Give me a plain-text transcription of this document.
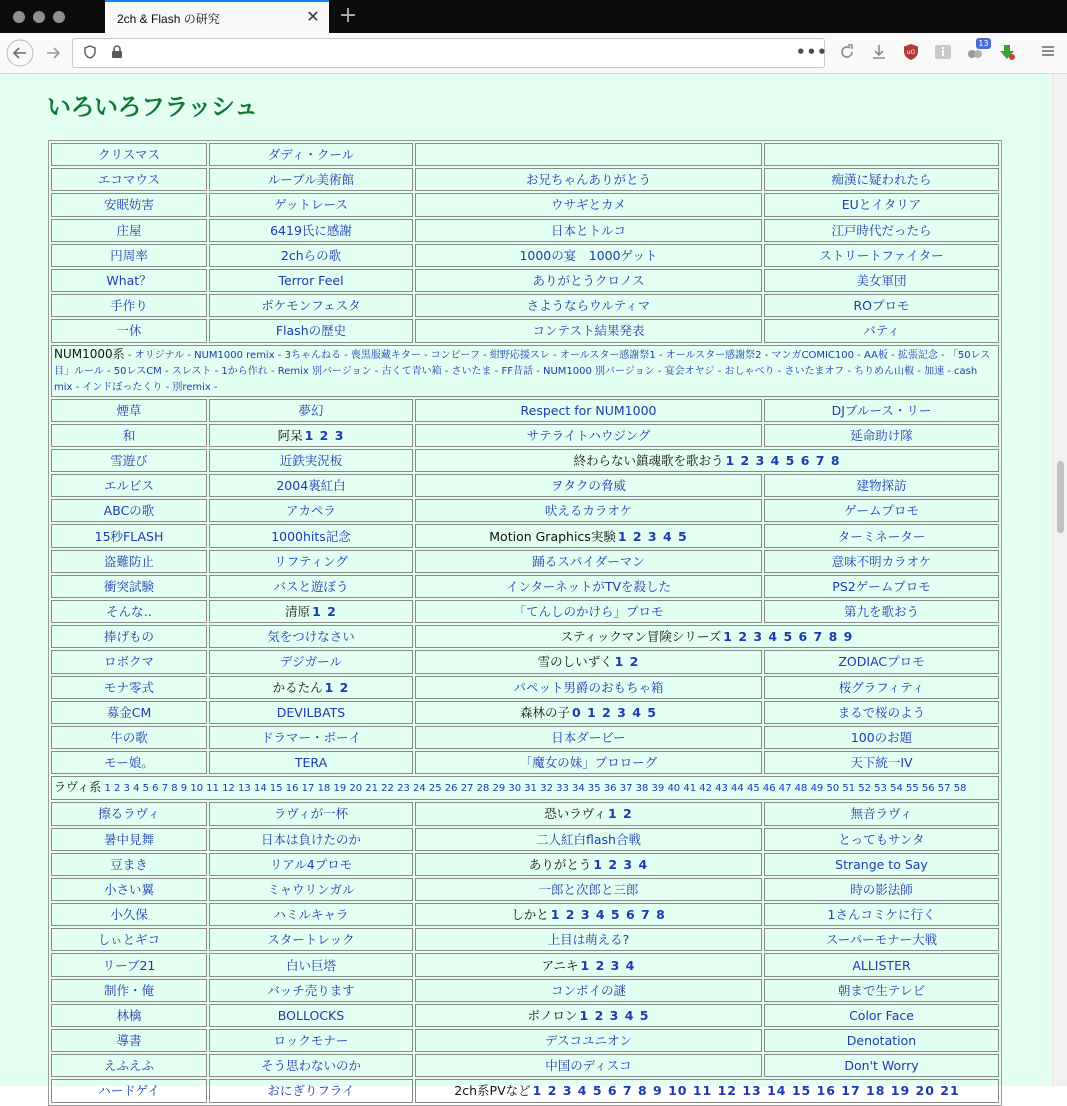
2ch & Flash の研究	✕ +
•••	uO
13
いろいろフラッシュ
クリスマス	ダディ・クール		
エコマウス	ルーブル美術館	お兄ちゃんありがとう	痴漢に疑われたら
安眠妨害	ゲットレース	ウサギとカメ	EUとイタリア
庄屋	6419氏に感謝	日本とトルコ	江戸時代だったら
円周率	2chらの歌	1000の宴　1000ゲット	ストリートファイター
What？	Terror Feel	ありがとうクロノス	美女軍団
手作り	ポケモンフェスタ	さようならウルティマ	ROプロモ
一休	Flashの歴史	コンテスト結果発表	バティ
NUM1000系 - オリジナル - NUM1000 remix - 3ちゃんねる - 喪黒服藏キター - コンビーフ - 紺野応援スレ - オールスター感謝祭1 - オールスター感謝祭2 - マンガCOMIC100 - AA板 - 拡張記念 - 「50レス目」ルール - 50レスCM - スレスト - 1から作れ - Remix 別バージョン - 古くて青い箱 - さいたま - FF昔話 - NUM1000 別バージョン - 宴会オヤジ - おしゃべり - さいたまオフ - ちりめん山椒 - 加速 - cash mix - インドぼったくり - 別remix -			
煙草	夢幻	Respect for NUM1000	DJブルース・リー
和	阿呆 1 2 3	サテライトハウジング	延命助け隊
雪遊び	近鉄実況板	終わらない鎮魂歌を歌おう 1 2 3 4 5 6 7 8	
エルビス	2004裏紅白	ヲタクの脅威	建物探訪
ABCの歌	アカペラ	吠えるカラオケ	ゲームプロモ
15秒FLASH	1000hits記念	Motion Graphics実験 1 2 3 4 5	ターミネーター
盗難防止	リフティング	踊るスパイダーマン	意味不明カラオケ
衝突試験	バスと遊ぼう	インターネットがTVを殺した	PS2ゲームプロモ
そんな‥	清原 1 2	「てんしのかけら」プロモ	第九を歌おう
捧げもの	気をつけなさい	スティックマン冒険シリーズ 1 2 3 4 5 6 7 8 9	
ロボクマ	デジガール	雪のしいずく 1 2	ZODIACプロモ
モナ零式	かるたん 1 2	パペット男爵のおもちゃ箱	桜グラフィティ
募金CM	DEVILBATS	森林の子 0 1 2 3 4 5	まるで桜のよう
牛の歌	ドラマー・ボーイ	日本ダービー	100のお題
モー娘。	TERA	「魔女の妹」プロローグ	天下統一IV
ラヴィ系 1 2 3 4 5 6 7 8 9 10 11 12 13 14 15 16 17 18 19 20 21 22 23 24 25 26 27 28 29 30 31 32 33 34 35 36 37 38 39 40 41 42 43 44 45 46 47 48 49 50 51 52 53 54 55 56 57 58			
擦るラヴィ	ラヴィが一杯	恐いラヴィ 1 2	無音ラヴィ
暑中見舞	日本は負けたのか	二人紅白flash合戦	とってもサンタ
豆まき	リアル4プロモ	ありがとう 1 2 3 4	Strange to Say
小さい翼	ミャウリンガル	一郎と次郎と三郎	時の影法師
小久保	ハミルキャラ	しかと 1 2 3 4 5 6 7 8	1さんコミケに行く
しぃとギコ	スタートレック	上目は萌える?	スーパーモナー大戦
リーブ21	白い巨塔	アニキ 1 2 3 4	ALLISTER
制作・俺	バッチ売ります	コンボイの謎	朝まで生テレビ
林檎	BOLLOCKS	ボノロン 1 2 3 4 5	Color Face
導書	ロックモナー	デスコユニオン	Denotation
えふえふ	そう思わないのか	中国のディスコ	Don't Worry
ハードゲイ	おにぎりフライ	2ch系PVなど 1 2 3 4 5 6 7 8 9 10 11 12 13 14 15 16 17 18 19 20 21	
